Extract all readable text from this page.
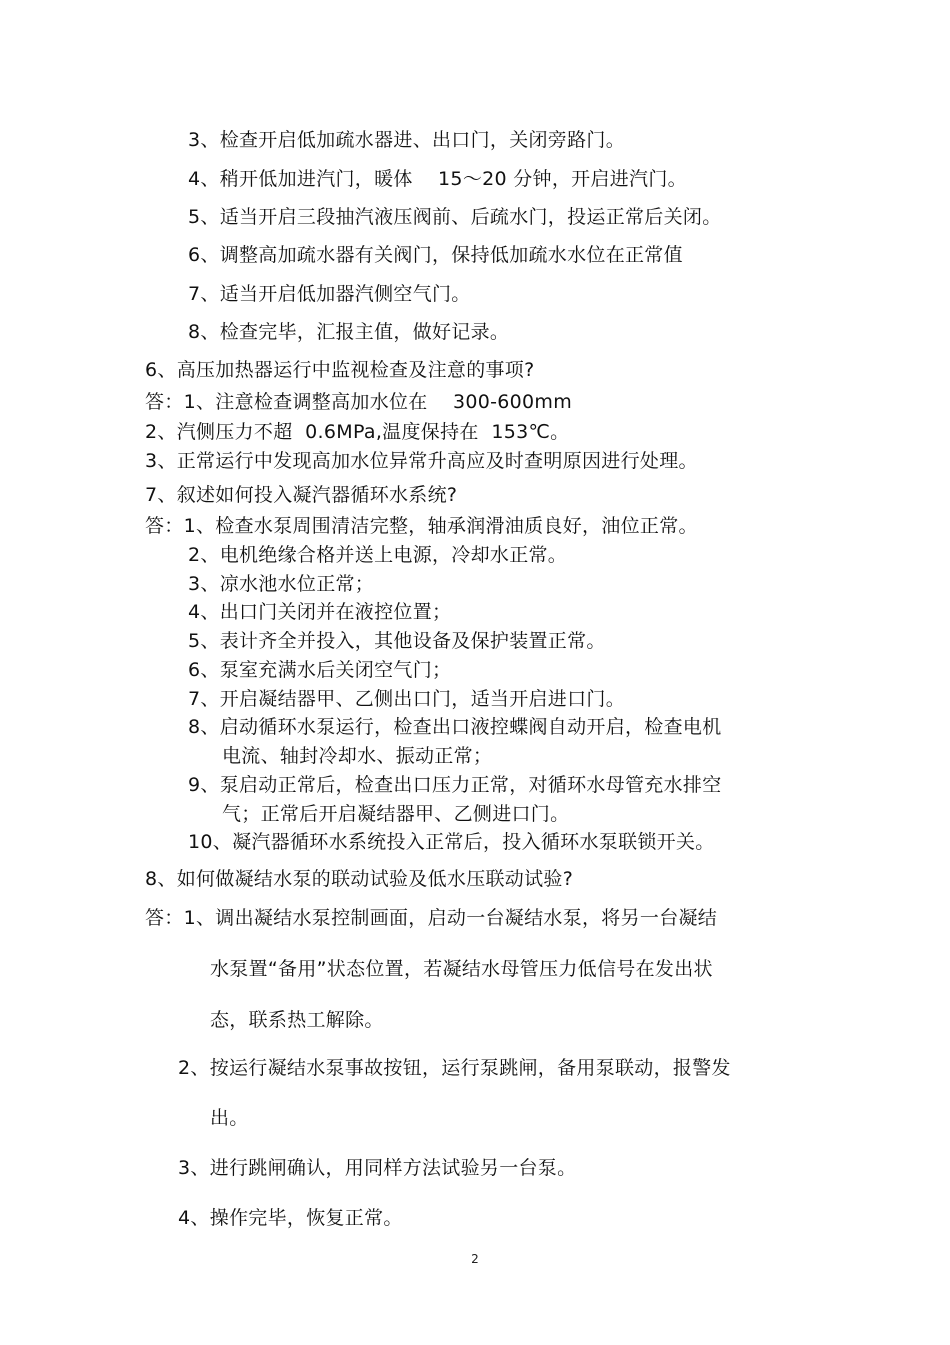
3、检查开启低加疏水器进、出口门，关闭旁路门。
4、稍开低加进汽门，暖体    15～20 分钟，开启进汽门。
5、适当开启三段抽汽液压阀前、后疏水门，投运正常后关闭。
6、调整高加疏水器有关阀门，保持低加疏水水位在正常值
7、适当开启低加器汽侧空气门。
8、检查完毕，汇报主值，做好记录。
6、高压加热器运行中监视检查及注意的事项?
答：1、注意检查调整高加水位在    300-600mm
2、汽侧压力不超  0.6MPa,温度保持在  153℃。
3、正常运行中发现高加水位异常升高应及时查明原因进行处理。
7、叙述如何投入凝汽器循环水系统?
答：1、检查水泵周围清洁完整，轴承润滑油质良好，油位正常。
2、电机绝缘合格并送上电源，冷却水正常。
3、凉水池水位正常；
4、出口门关闭并在液控位置；
5、表计齐全并投入，其他设备及保护装置正常。
6、泵室充满水后关闭空气门；
7、开启凝结器甲、乙侧出口门，适当开启进口门。
8、启动循环水泵运行，检查出口液控蝶阀自动开启，检查电机
电流、轴封冷却水、振动正常；
9、泵启动正常后，检查出口压力正常，对循环水母管充水排空
气；正常后开启凝结器甲、乙侧进口门。
10、凝汽器循环水系统投入正常后，投入循环水泵联锁开关。
8、如何做凝结水泵的联动试验及低水压联动试验?
答：1、调出凝结水泵控制画面，启动一台凝结水泵，将另一台凝结
水泵置“备用”状态位置，若凝结水母管压力低信号在发出状
态，联系热工解除。
2、按运行凝结水泵事故按钮，运行泵跳闸，备用泵联动，报警发
出。
3、进行跳闸确认，用同样方法试验另一台泵。
4、操作完毕，恢复正常。
2
